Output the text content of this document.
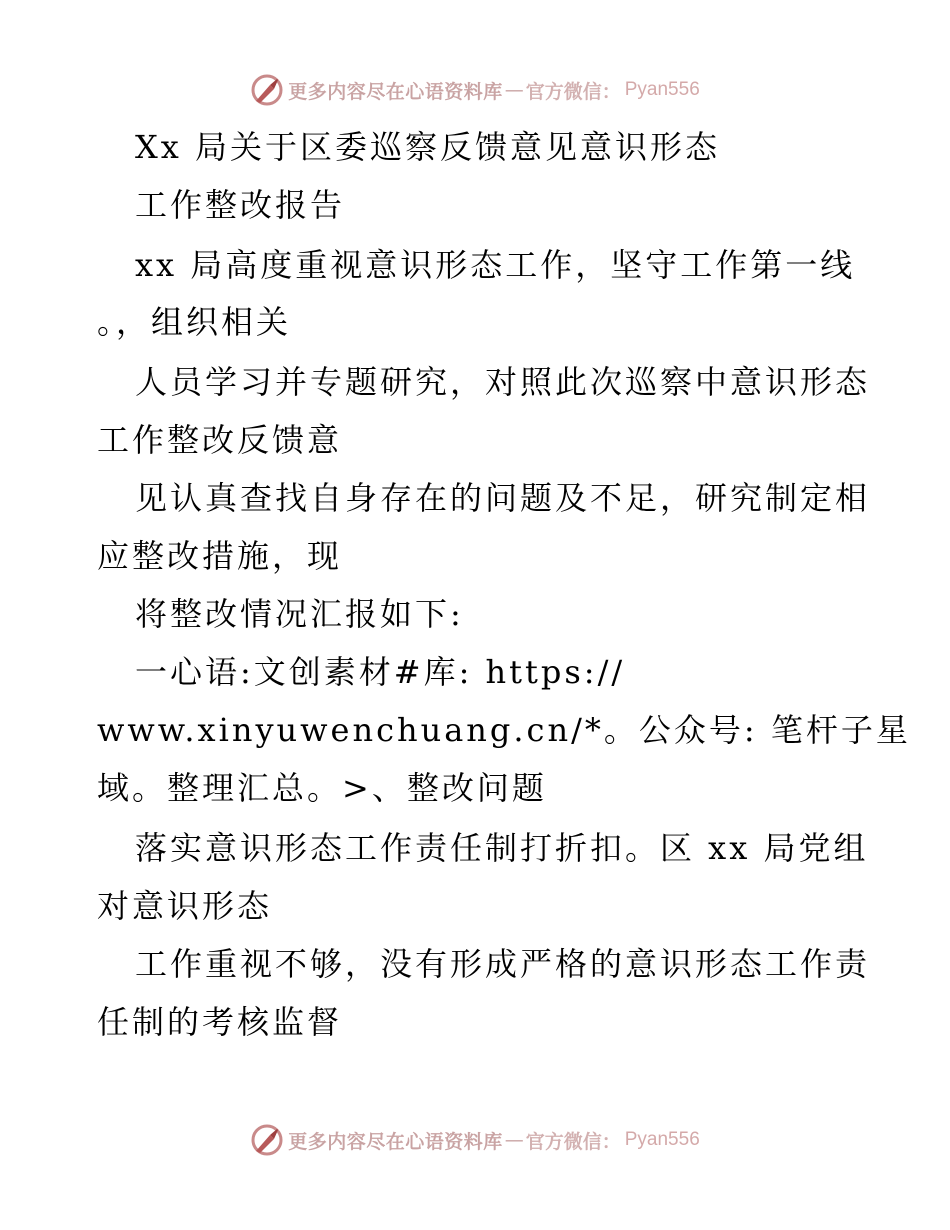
更多内容尽在心语资料库 — 官方微信： Pyan556
Xx 局关于区委巡察反馈意见意识形态
工作整改报告
xx 局高度重视意识形态工作，坚守工作第一线
。，组织相关
人员学习并专题研究，对照此次巡察中意识形态
工作整改反馈意
见认真查找自身存在的问题及不足，研究制定相
应整改措施，现
将整改情况汇报如下:
一心语:文创素材#库: https://
www.xinyuwenchuang.cn/*。公众号: 笔杆子星
域。整理汇总。>、整改问题
落实意识形态工作责任制打折扣。区 xx 局党组
对意识形态
工作重视不够，没有形成严格的意识形态工作责
任制的考核监督
更多内容尽在心语资料库 — 官方微信： Pyan556
